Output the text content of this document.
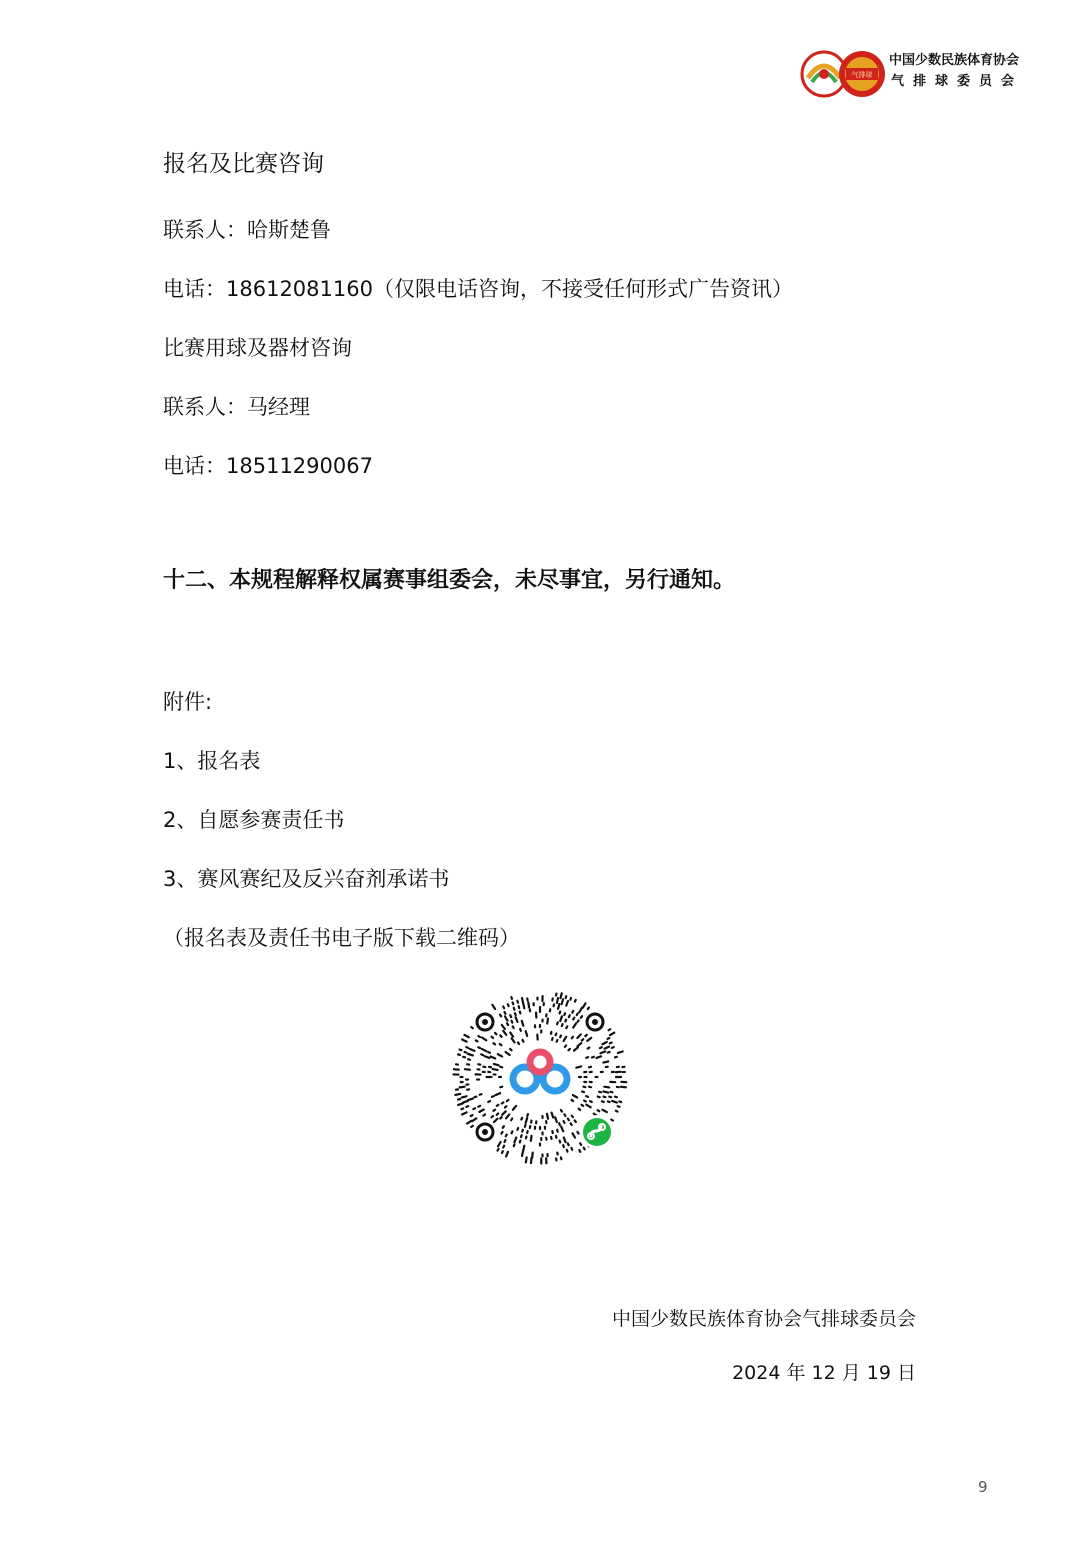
气排球
中国少数民族体育协会
气排球委员会
报名及比赛咨询
联系人：哈斯楚鲁
电话：18612081160（仅限电话咨询，不接受任何形式广告资讯）
比赛用球及器材咨询
联系人：马经理
电话：18511290067
十二、本规程解释权属赛事组委会，未尽事宜，另行通知。
附件:
1、报名表
2、自愿参赛责任书
3、赛风赛纪及反兴奋剂承诺书
（报名表及责任书电子版下载二维码）
中国少数民族体育协会气排球委员会
2024 年 12 月 19 日
9
